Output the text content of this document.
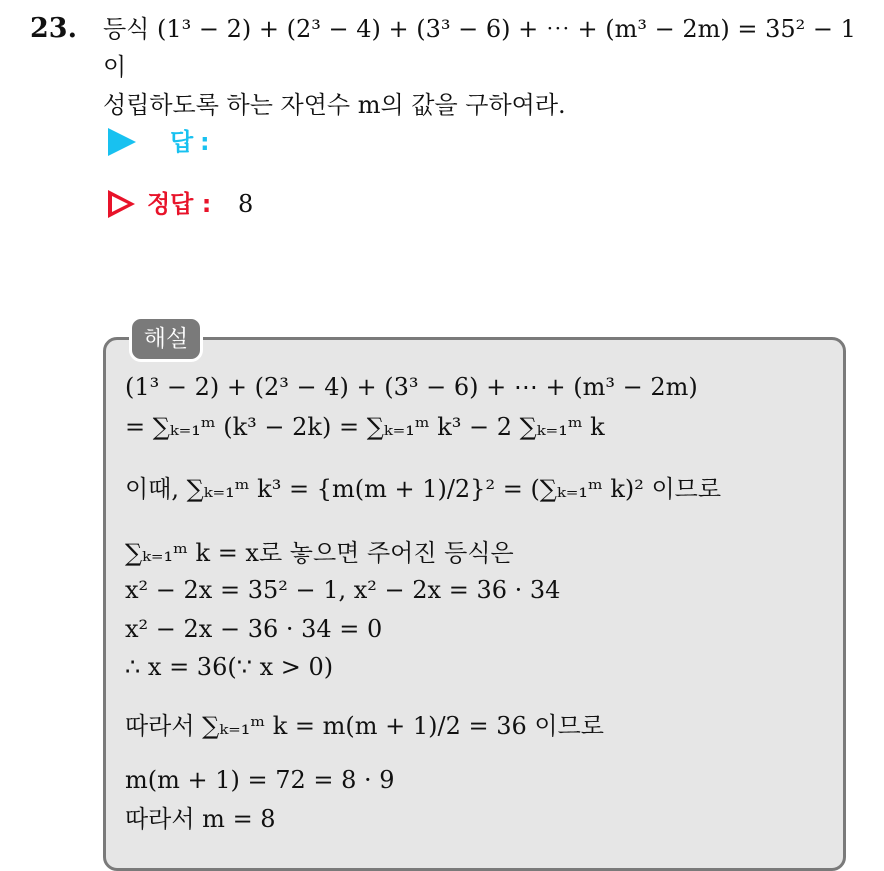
23. 등식 (1³ − 2) + (2³ − 4) + (3³ − 6) + ⋯ + (m³ − 2m) = 35² − 1이
성립하도록 하는 자연수 m의 값을 구하여라.
답 :
정답 : 8
해설
(1³ − 2) + (2³ − 4) + (3³ − 6) + ⋯ + (m³ − 2m)
= ∑ₖ₌₁ᵐ (k³ − 2k) = ∑ₖ₌₁ᵐ k³ − 2 ∑ₖ₌₁ᵐ k
이때, ∑ₖ₌₁ᵐ k³ = {m(m + 1)/2}² = (∑ₖ₌₁ᵐ k)² 이므로
∑ₖ₌₁ᵐ k = x로 놓으면 주어진 등식은
x² − 2x = 35² − 1, x² − 2x = 36 · 34
x² − 2x − 36 · 34 = 0
∴ x = 36(∵ x > 0)
따라서 ∑ₖ₌₁ᵐ k = m(m + 1)/2 = 36 이므로
m(m + 1) = 72 = 8 · 9
따라서 m = 8
